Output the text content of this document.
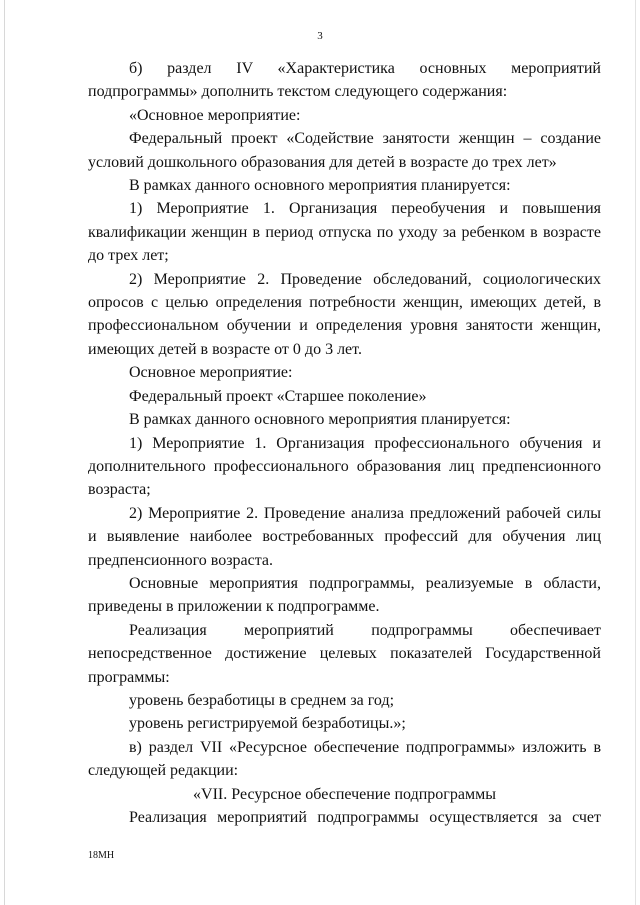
3

б) раздел IV «Характеристика основных мероприятий подпрограммы» дополнить текстом следующего содержания:

«Основное мероприятие:

Федеральный проект «Содействие занятости женщин – создание условий дошкольного образования для детей в возрасте до трех лет»

В рамках данного основного мероприятия планируется:

1) Мероприятие 1. Организация переобучения и повышения квалификации женщин в период отпуска по уходу за ребенком в возрасте до трех лет;

2) Мероприятие 2. Проведение обследований, социологических опросов с целью определения потребности женщин, имеющих детей, в профессиональном обучении и определения уровня занятости женщин, имеющих детей в возрасте от 0 до 3 лет.

Основное мероприятие:

Федеральный проект «Старшее поколение»

В рамках данного основного мероприятия планируется:

1) Мероприятие 1. Организация профессионального обучения и дополнительного профессионального образования лиц предпенсионного возраста;

2) Мероприятие 2. Проведение анализа предложений рабочей силы и выявление наиболее востребованных профессий для обучения лиц предпенсионного возраста.

Основные мероприятия подпрограммы, реализуемые в области, приведены в приложении к подпрограмме.

Реализация мероприятий подпрограммы обеспечивает непосредственное достижение целевых показателей Государственной программы:

уровень безработицы в среднем за год;

уровень регистрируемой безработицы.»;

в) раздел VII «Ресурсное обеспечение подпрограммы» изложить в следующей редакции:

«VII. Ресурсное обеспечение подпрограммы

Реализация мероприятий подпрограммы осуществляется за счет

18МН
